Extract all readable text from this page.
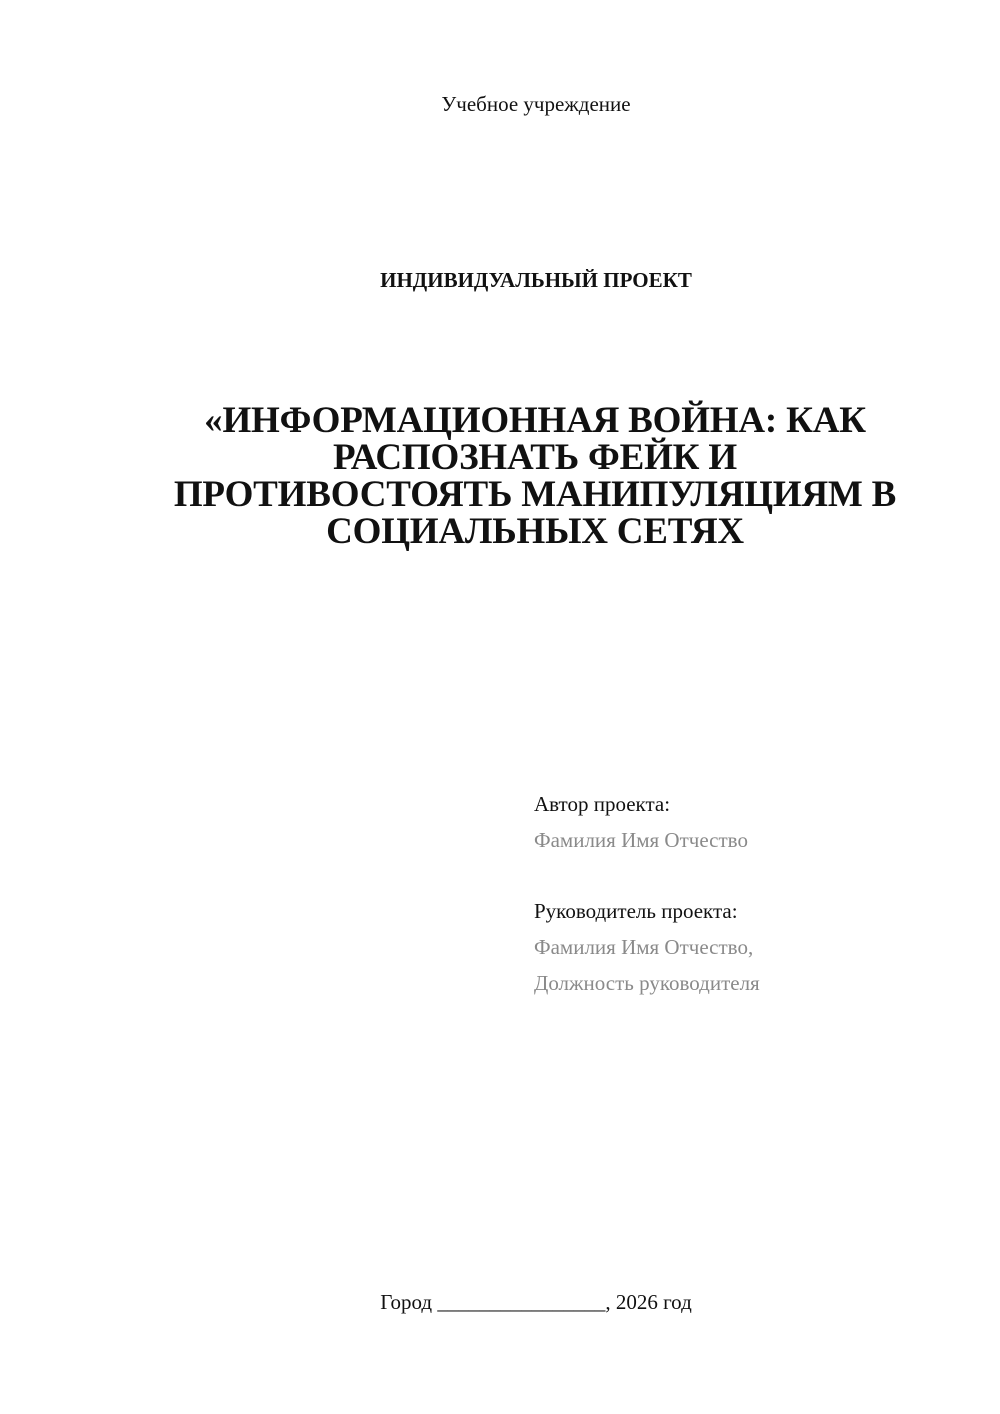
Учебное учреждение
ИНДИВИДУАЛЬНЫЙ ПРОЕКТ
«ИНФОРМАЦИОННАЯ ВОЙНА: КАК
РАСПОЗНАТЬ ФЕЙК И
ПРОТИВОСТОЯТЬ МАНИПУЛЯЦИЯМ В
СОЦИАЛЬНЫХ СЕТЯХ
Автор проекта:
Фамилия Имя Отчество
Руководитель проекта:
Фамилия Имя Отчество,
Должность руководителя
Город ________________, 2026 год
